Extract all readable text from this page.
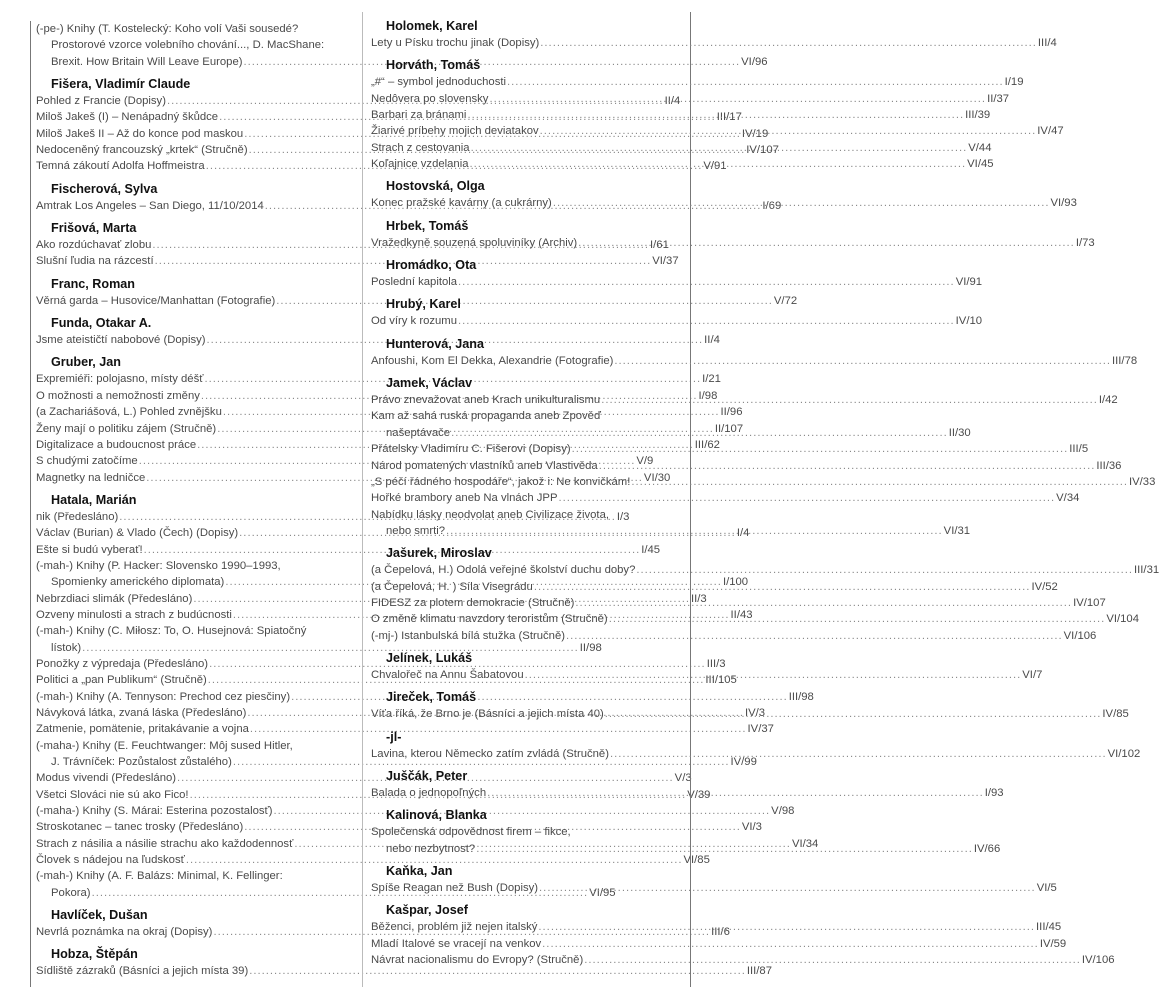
(-pe-) Knihy (T. Kostelecký: Koho volí Vaši sousedé?
Prostorové vzorce volebního chování..., D. MacShane:
Brexit. How Britain Will Leave Europe) .....	VI/96
Fišera, Vladimír Claude
Pohled z Francie (Dopisy) .....	II/4
Miloš Jakeš (I) – Nenápadný škůdce .....	III/17
Miloš Jakeš II – Až do konce pod maskou .....	IV/19
Nedoceněný francouzský „krtek“ (Stručně) .....	IV/107
Temná zákoutí Adolfa Hoffmeistra .....	V/91
Fischerová, Sylva
Amtrak Los Angeles – San Diego, 11/10/2014 .....	I/69
Frišová, Marta
Ako rozdúchavať zlobu .....	I/61
Slušní ľudia na rázcestí .....	VI/37
Franc, Roman
Věrná garda – Husovice/Manhattan (Fotografie) .....	V/72
Funda, Otakar A.
Jsme ateističtí nabobové (Dopisy) .....	II/4
Gruber, Jan
Expremiéři: polojasno, místy déšť .....	I/21
O možnosti a nemožnosti změny .....	I/98
(a Zachariášová, L.) Pohled zvnějšku .....	II/96
Ženy mají o politiku zájem (Stručně) .....	II/107
Digitalizace a budoucnost práce .....	III/62
S chudými zatočíme .....	V/9
Magnetky na ledničce .....	VI/30
Hatala, Marián
nik (Předesláno) .....	I/3
Václav (Burian) & Vlado (Čech) (Dopisy) .....	I/4
Ešte si budú vyberať! .....	I/45
(-mah-) Knihy (P. Hacker: Slovensko 1990–1993,
Spomienky amerického diplomata) .....	I/100
Nebrzdiaci slimák (Předesláno) .....	II/3
Ozveny minulosti a strach z budúcnosti .....	II/43
(-mah-) Knihy (C. Miłosz: To, O. Husejnová: Spiatočný
lístok) .....	II/98
Ponožky z výpredaja (Předesláno) .....	III/3
Politici a „pan Publikum“ (Stručně) .....	III/105
(-mah-) Knihy (A. Tennyson: Prechod cez piesčiny) .....	III/98
Návyková látka, zvaná láska (Předesláno) .....	IV/3
Zatmenie, pomätenie, pritakávanie a vojna .....	IV/37
(-maha-) Knihy (E. Feuchtwanger: Môj sused Hitler,
J. Trávníček: Pozůstalost zůstalého) .....	IV/99
Modus vivendi (Předesláno) .....	V/3
Všetci Slováci nie sú ako Fico! .....	V/39
(-maha-) Knihy (S. Márai: Esterina pozostalosť) .....	V/98
Stroskotanec – tanec trosky (Předesláno) .....	VI/3
Strach z násilia a násilie strachu ako každodennosť .....	VI/34
Človek s nádejou na ľudskosť .....	VI/85
(-mah-) Knihy (A. F. Balázs: Minimal, K. Fellinger:
Pokora) .....	VI/95
Havlíček, Dušan
Nevrlá poznámka na okraj (Dopisy) .....	III/6
Hobza, Štěpán
Sídliště zázraků (Básníci a jejich místa 39) .....	III/87
Holomek, Karel
Lety u Písku trochu jinak (Dopisy) .....	III/4
Horváth, Tomáš
„#“ – symbol jednoduchosti .....	I/19
Nedôvera po slovensky .....	II/37
Barbari za bránami .....	III/39
Žiarivé príbehy mojich deviatakov .....	IV/47
Strach z cestovania .....	V/44
Koľajnice vzdelania .....	VI/45
Hostovská, Olga
Konec pražské kavárny (a cukrárny) .....	VI/93
Hrbek, Tomáš
Vražedkyně souzená spoluviníky (Archiv) .....	I/73
Hromádko, Ota
Poslední kapitola .....	VI/91
Hrubý, Karel
Od víry k rozumu .....	IV/10
Hunterová, Jana
Anfoushi, Kom El Dekka, Alexandrie (Fotografie) .....	III/78
Jamek, Václav
Právo znevažovat aneb Krach unikulturalismu .....	I/42
Kam až sahá ruská propaganda aneb Zpověď
našeptávače .....	II/30
Přátelsky Vladimíru C. Fišerovi (Dopisy) .....	III/5
Národ pomatených vlastníků aneb Vlastivěda .....	III/36
„S péčí řádného hospodáře“, jakož i: Ne konvičkám! .....	IV/33
Hořké brambory aneb Na vlnách JPP .....	V/34
Nabídku lásky neodvolat aneb Civilizace života,
nebo smrti? .....	VI/31
Jašurek, Miroslav
(a Čepelová, H.) Odolá veřejné školství duchu doby? .....	III/31
(a Čepelová, H. ) Síla Visegrádu .....	IV/52
FIDESZ za plotem demokracie (Stručně) .....	IV/107
O změně klimatu navzdory teroristům (Stručně) .....	VI/104
(-mj-) Istanbulská bílá stužka (Stručně) .....	VI/106
Jelínek, Lukáš
Chvalořeč na Annu Šabatovou .....	VI/7
Jireček, Tomáš
Víťa říká, že Brno je (Básníci a jejich místa 40) .....	IV/85
-jl-
Lavina, kterou Německo zatím zvládá (Stručně) .....	VI/102
Juščák, Peter
Balada o jednopoľných .....	I/93
Kalinová, Blanka
Společenská odpovědnost firem – fikce,
nebo nezbytnost? .....	IV/66
Kaňka, Jan
Spíše Reagan než Bush (Dopisy) .....	VI/5
Kašpar, Josef
Běženci, problém již nejen italský .....	III/45
Mladí Italové se vracejí na venkov .....	IV/59
Návrat nacionalismu do Evropy? (Stručně) .....	IV/106
